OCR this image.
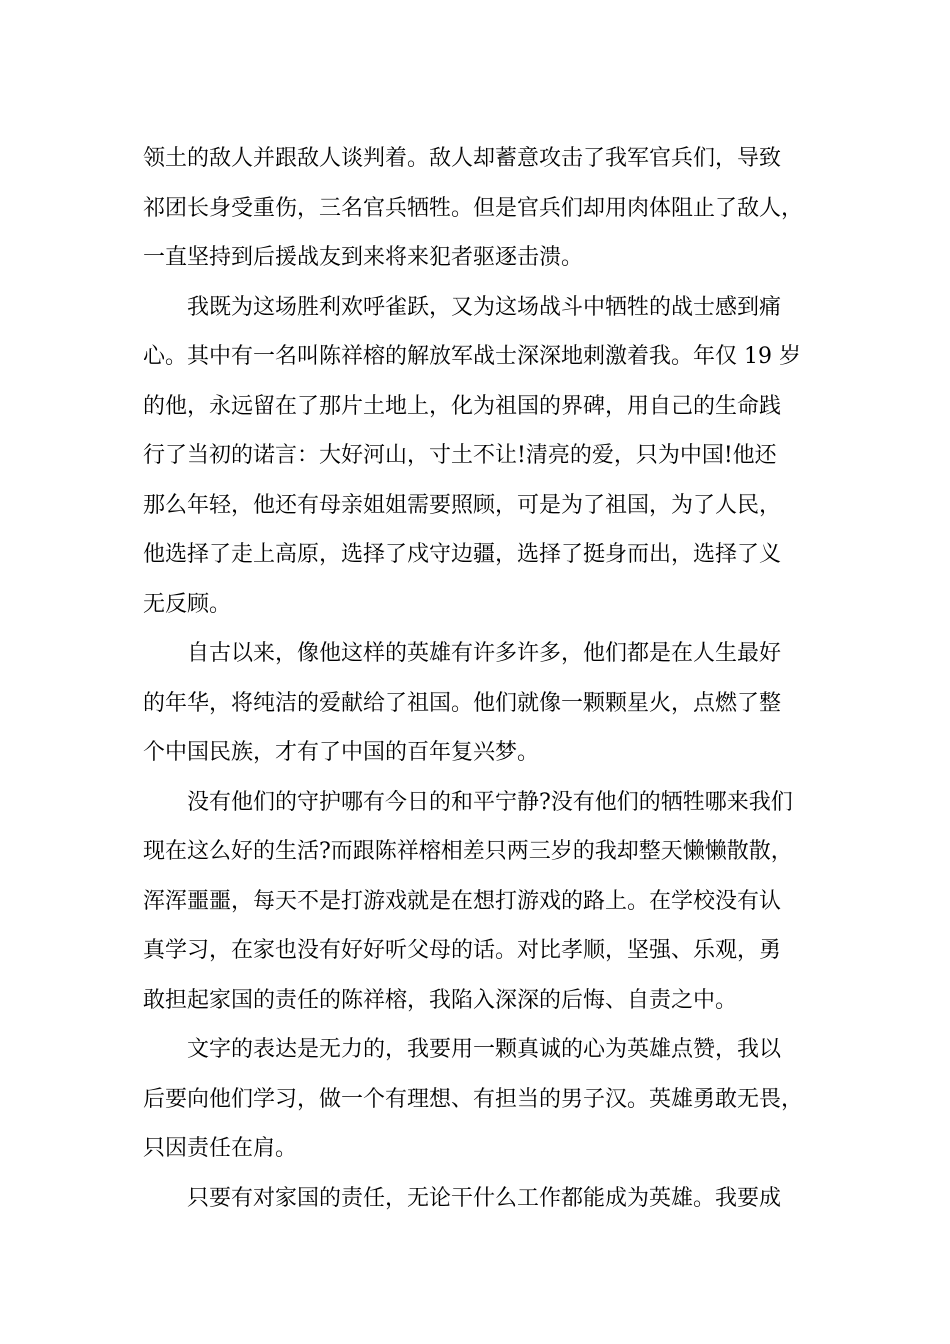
领土的敌人并跟敌人谈判着。敌人却蓄意攻击了我军官兵们，导致
祁团长身受重伤，三名官兵牺牲。但是官兵们却用肉体阻止了敌人，
一直坚持到后援战友到来将来犯者驱逐击溃。
我既为这场胜利欢呼雀跃，又为这场战斗中牺牲的战士感到痛
心。其中有一名叫陈祥榕的解放军战士深深地刺激着我。年仅 19 岁
的他，永远留在了那片土地上，化为祖国的界碑，用自己的生命践
行了当初的诺言：大好河山，寸土不让!清亮的爱，只为中国!他还
那么年轻，他还有母亲姐姐需要照顾，可是为了祖国，为了人民，
他选择了走上高原，选择了戍守边疆，选择了挺身而出，选择了义
无反顾。
自古以来，像他这样的英雄有许多许多，他们都是在人生最好
的年华，将纯洁的爱献给了祖国。他们就像一颗颗星火，点燃了整
个中国民族，才有了中国的百年复兴梦。
没有他们的守护哪有今日的和平宁静?没有他们的牺牲哪来我们
现在这么好的生活?而跟陈祥榕相差只两三岁的我却整天懒懒散散，
浑浑噩噩，每天不是打游戏就是在想打游戏的路上。在学校没有认
真学习，在家也没有好好听父母的话。对比孝顺，坚强、乐观，勇
敢担起家国的责任的陈祥榕，我陷入深深的后悔、自责之中。
文字的表达是无力的，我要用一颗真诚的心为英雄点赞，我以
后要向他们学习，做一个有理想、有担当的男子汉。英雄勇敢无畏，
只因责任在肩。
只要有对家国的责任，无论干什么工作都能成为英雄。我要成
